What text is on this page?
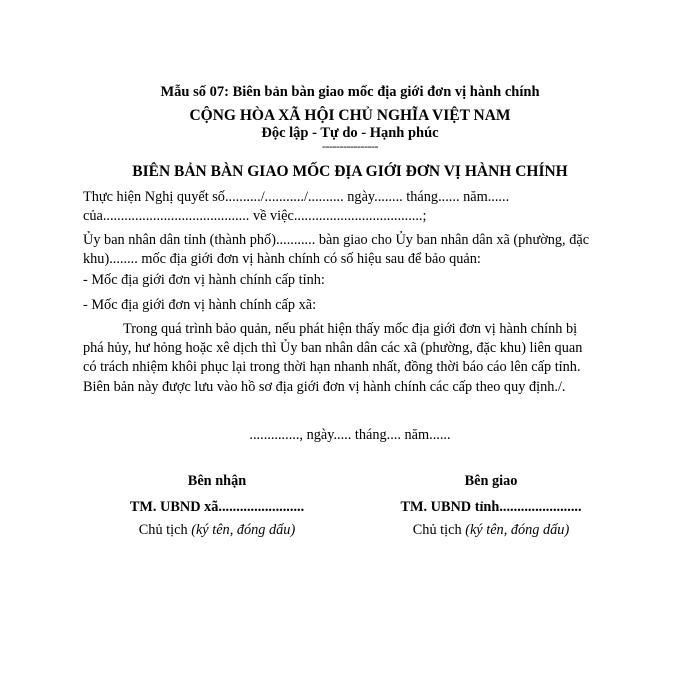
Mẫu số 07: Biên bản bàn giao mốc địa giới đơn vị hành chính
CỘNG HÒA XÃ HỘI CHỦ NGHĨA VIỆT NAM
Độc lập - Tự do - Hạnh phúc
----------------
BIÊN BẢN BÀN GIAO MỐC ĐỊA GIỚI ĐƠN VỊ HÀNH CHÍNH
Thực hiện Nghị quyết số........../.........../.......... ngày........ tháng...... năm......
của......................................... về việc....................................;
Ủy ban nhân dân tỉnh (thành phố)........... bàn giao cho Ủy ban nhân dân xã (phường, đặc
khu)........ mốc địa giới đơn vị hành chính có số hiệu sau để bảo quản:
- Mốc địa giới đơn vị hành chính cấp tỉnh:
- Mốc địa giới đơn vị hành chính cấp xã:
Trong quá trình bảo quản, nếu phát hiện thấy mốc địa giới đơn vị hành chính bị
phá hủy, hư hỏng hoặc xê dịch thì Ủy ban nhân dân các xã (phường, đặc khu) liên quan
có trách nhiệm khôi phục lại trong thời hạn nhanh nhất, đồng thời báo cáo lên cấp tỉnh.
Biên bản này được lưu vào hồ sơ địa giới đơn vị hành chính các cấp theo quy định./.
.............., ngày..... tháng.... năm......
Bên nhận
TM. UBND xã........................
Chủ tịch (ký tên, đóng dấu)
Bên giao
TM. UBND tỉnh.......................
Chủ tịch (ký tên, đóng dấu)
